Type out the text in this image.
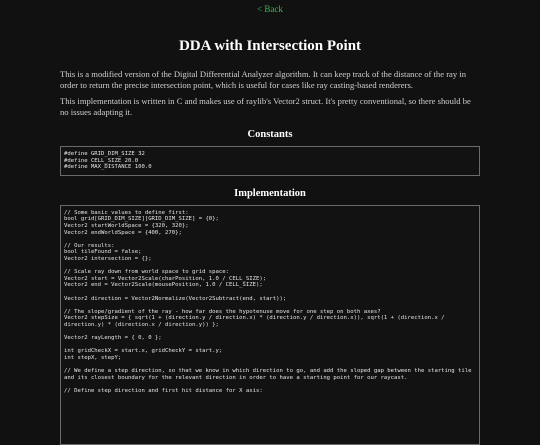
< Back
DDA with Intersection Point

This is a modified version of the Digital Differential Analyzer algorithm. It can keep track of the distance of the ray in order to return the precise intersection point, which is useful for cases like ray casting-based renderers.

This implementation is written in C and makes use of raylib's Vector2 struct. It's pretty conventional, so there should be no issues adapting it.

Constants
#define GRID_DIM_SIZE 32
#define CELL_SIZE 20.0
#define MAX_DISTANCE 100.0
Implementation
// Some basic values to define first:
bool grid[GRID_DIM_SIZE][GRID_DIM_SIZE] = {0};
Vector2 startWorldSpace = {320, 320};
Vector2 endWorldSpace = {400, 270};

// Our results:
bool tileFound = false;
Vector2 intersection = {};

// Scale ray down from world space to grid space:
Vector2 start = Vector2Scale(charPosition, 1.0 / CELL_SIZE);
Vector2 end = Vector2Scale(mousePosition, 1.0 / CELL_SIZE);

Vector2 direction = Vector2Normalize(Vector2Subtract(end, start));

// The slope/gradient of the ray - how far does the hypotenuse move for one step on both axes?
Vector2 stepSize = { sqrt(1 + (direction.y / direction.x) * (direction.y / direction.x)), sqrt(1 + (direction.x / direction.y) * (direction.x / direction.y)) };

Vector2 rayLength = { 0, 0 };

int gridCheckX = start.x, gridCheckY = start.y;
int stepX, stepY;

// We define a step direction, so that we know in which direction to go, and add the sloped gap between the starting tile and its closest boundary for the relevant direction in order to have a starting point for our raycast.

// Define step direction and first hit distance for X axis:
